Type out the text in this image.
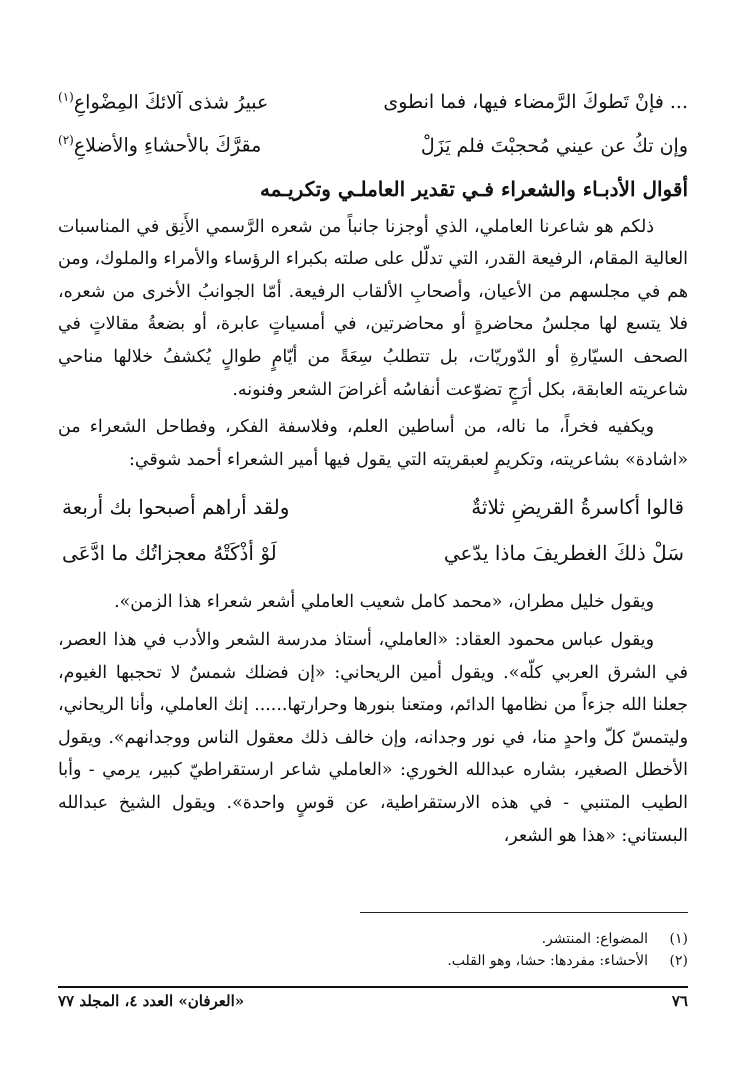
... فإنْ تَطوكَ الرَّمضاء فيها، فما انطوى
عبيرُ شذى آلائكَ المِضْواعِ$^{(١)}$
وإن تكُ عن عيني مُحجبْتَ فلم يَزَلْ
مقرَّكَ بالأحشاءِ والأضلاعِ$^{(٢)}$
أقوال الأدبـاء والشعراء فـي تقدير العاملـي وتكريـمه

ذلكم هو شاعرنا العاملي، الذي أوجزنا جانباً من شعره الرَّسمي الأَنِق في المناسبات العالية المقام، الرفيعة القدر، التي تدلّل على صلته بكبراء الرؤساء والأمراء والملوك، ومن هم في مجلسهم من الأعيان، وأصحابِ الألقاب الرفيعة. أمّا الجوانبُ الأخرى من شعره، فلا يتسع لها مجلسُ محاضرةٍ أو محاضرتين، في أمسياتٍ عابرة، أو بضعةُ مقالاتٍ في الصحف السيّارةِ أو الدّوريّات، بل تتطلبُ سِعَةً من أيّامٍ طوالٍ يُكشفُ خلالها مناحي شاعريته العابقة، بكل أرَجٍ تضوّعت أنفاسُه أغراضَ الشعر وفنونه.

ويكفيه فخراً، ما ناله، من أساطين العلم، وفلاسفة الفكر، وفطاحل الشعراء من «اشادة» بشاعريته، وتكريمٍ لعبقريته التي يقول فيها أمير الشعراء أحمد شوقي:

قالوا أكاسرةُ القريضِ ثلاثةٌ
ولقد أراهم أصبحوا بك أربعة
سَلْ ذلكَ الغطريفَ ماذا يدّعي
لَوْ أذْكَتْهُ معجزاتُك ما ادَّعَى

ويقول خليل مطران، «محمد كامل شعيب العاملي أشعر شعراء هذا الزمن».

ويقول عباس محمود العقاد: «العاملي، أستاذ مدرسة الشعر والأدب في هذا العصر، في الشرق العربي كلّه». ويقول أمين الريحاني: «إن فضلك شمسٌ لا تحجبها الغيوم، جعلنا الله جزءاً من نظامها الدائم، ومتعنا بنورها وحرارتها...... إنك العاملي، وأنا الريحاني، وليتمسّ كلّ واحدٍ منا، في نور وجدانه، وإن خالف ذلك معقول الناس ووجدانهم». ويقول الأخطل الصغير، بشاره عبدالله الخوري: «العاملي شاعر ارستقراطيّ كبير، يرمي - وأبا الطيب المتنبي - في هذه الارستقراطية، عن قوسٍ واحدة». ويقول الشيخ عبدالله البستاني: «هذا هو الشعر،

(١)
المضواع: المنتشر.
(٢)
الأحشاء: مفردها: حشا، وهو القلب.
٧٦
«العرفان» العدد ٤، المجلد ٧٧
